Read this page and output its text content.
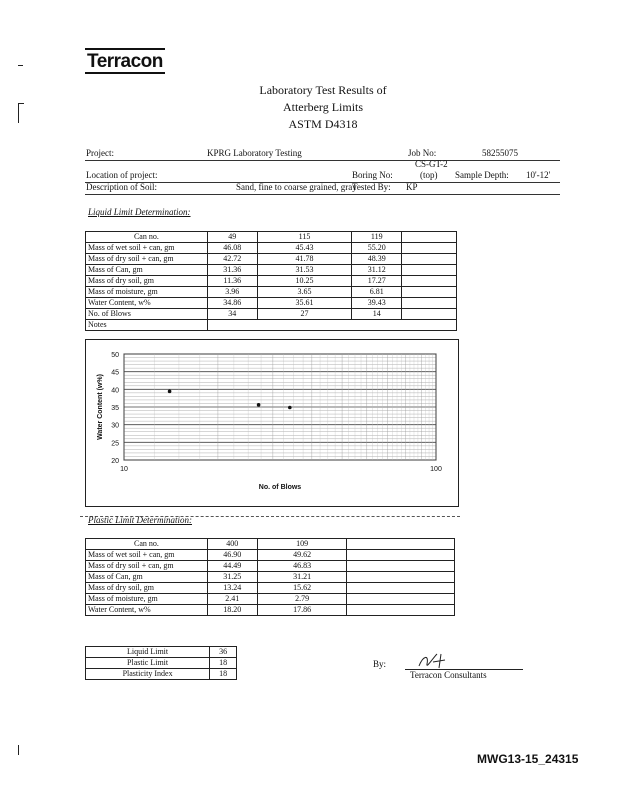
Terracon
Laboratory Test Results of
Atterberg Limits
ASTM D4318
Project:	KPRG Laboratory Testing	Job No:	58255075
CS-GT-2
Location of project:	Boring No:	(top) Sample Depth: 10'-12'
Description of Soil:	Sand, fine to coarse grained, gray
Tested By: KP
Liquid Limit Determination:
Can no.	49	115	119	
Mass of wet soil + can, gm	46.08	45.43	55.20	
Mass of dry soil + can, gm	42.72	41.78	48.39	
Mass of Can, gm	31.36	31.53	31.12	
Mass of dry soil, gm	11.36	10.25	17.27	
Mass of moisture, gm	3.96	3.65	6.81	
Water Content, w%	34.86	35.61	39.43	
No. of Blows	34	27	14	
Notes				
50
45
40
35
30
25
20
10	100
No. of Blows
Water Content (w%)
Plastic Limit Determination:
Can no.	400	109	
Mass of wet soil + can, gm	46.90	49.62	
Mass of dry soil + can, gm	44.49	46.83	
Mass of Can, gm	31.25	31.21	
Mass of dry soil, gm	13.24	15.62	
Mass of moisture, gm	2.41	2.79	
Water Content, w%	18.20	17.86	
Liquid Limit	36
Plastic Limit	18
Plasticity Index	18
By:
Terracon Consultants
MWG13-15_24315
